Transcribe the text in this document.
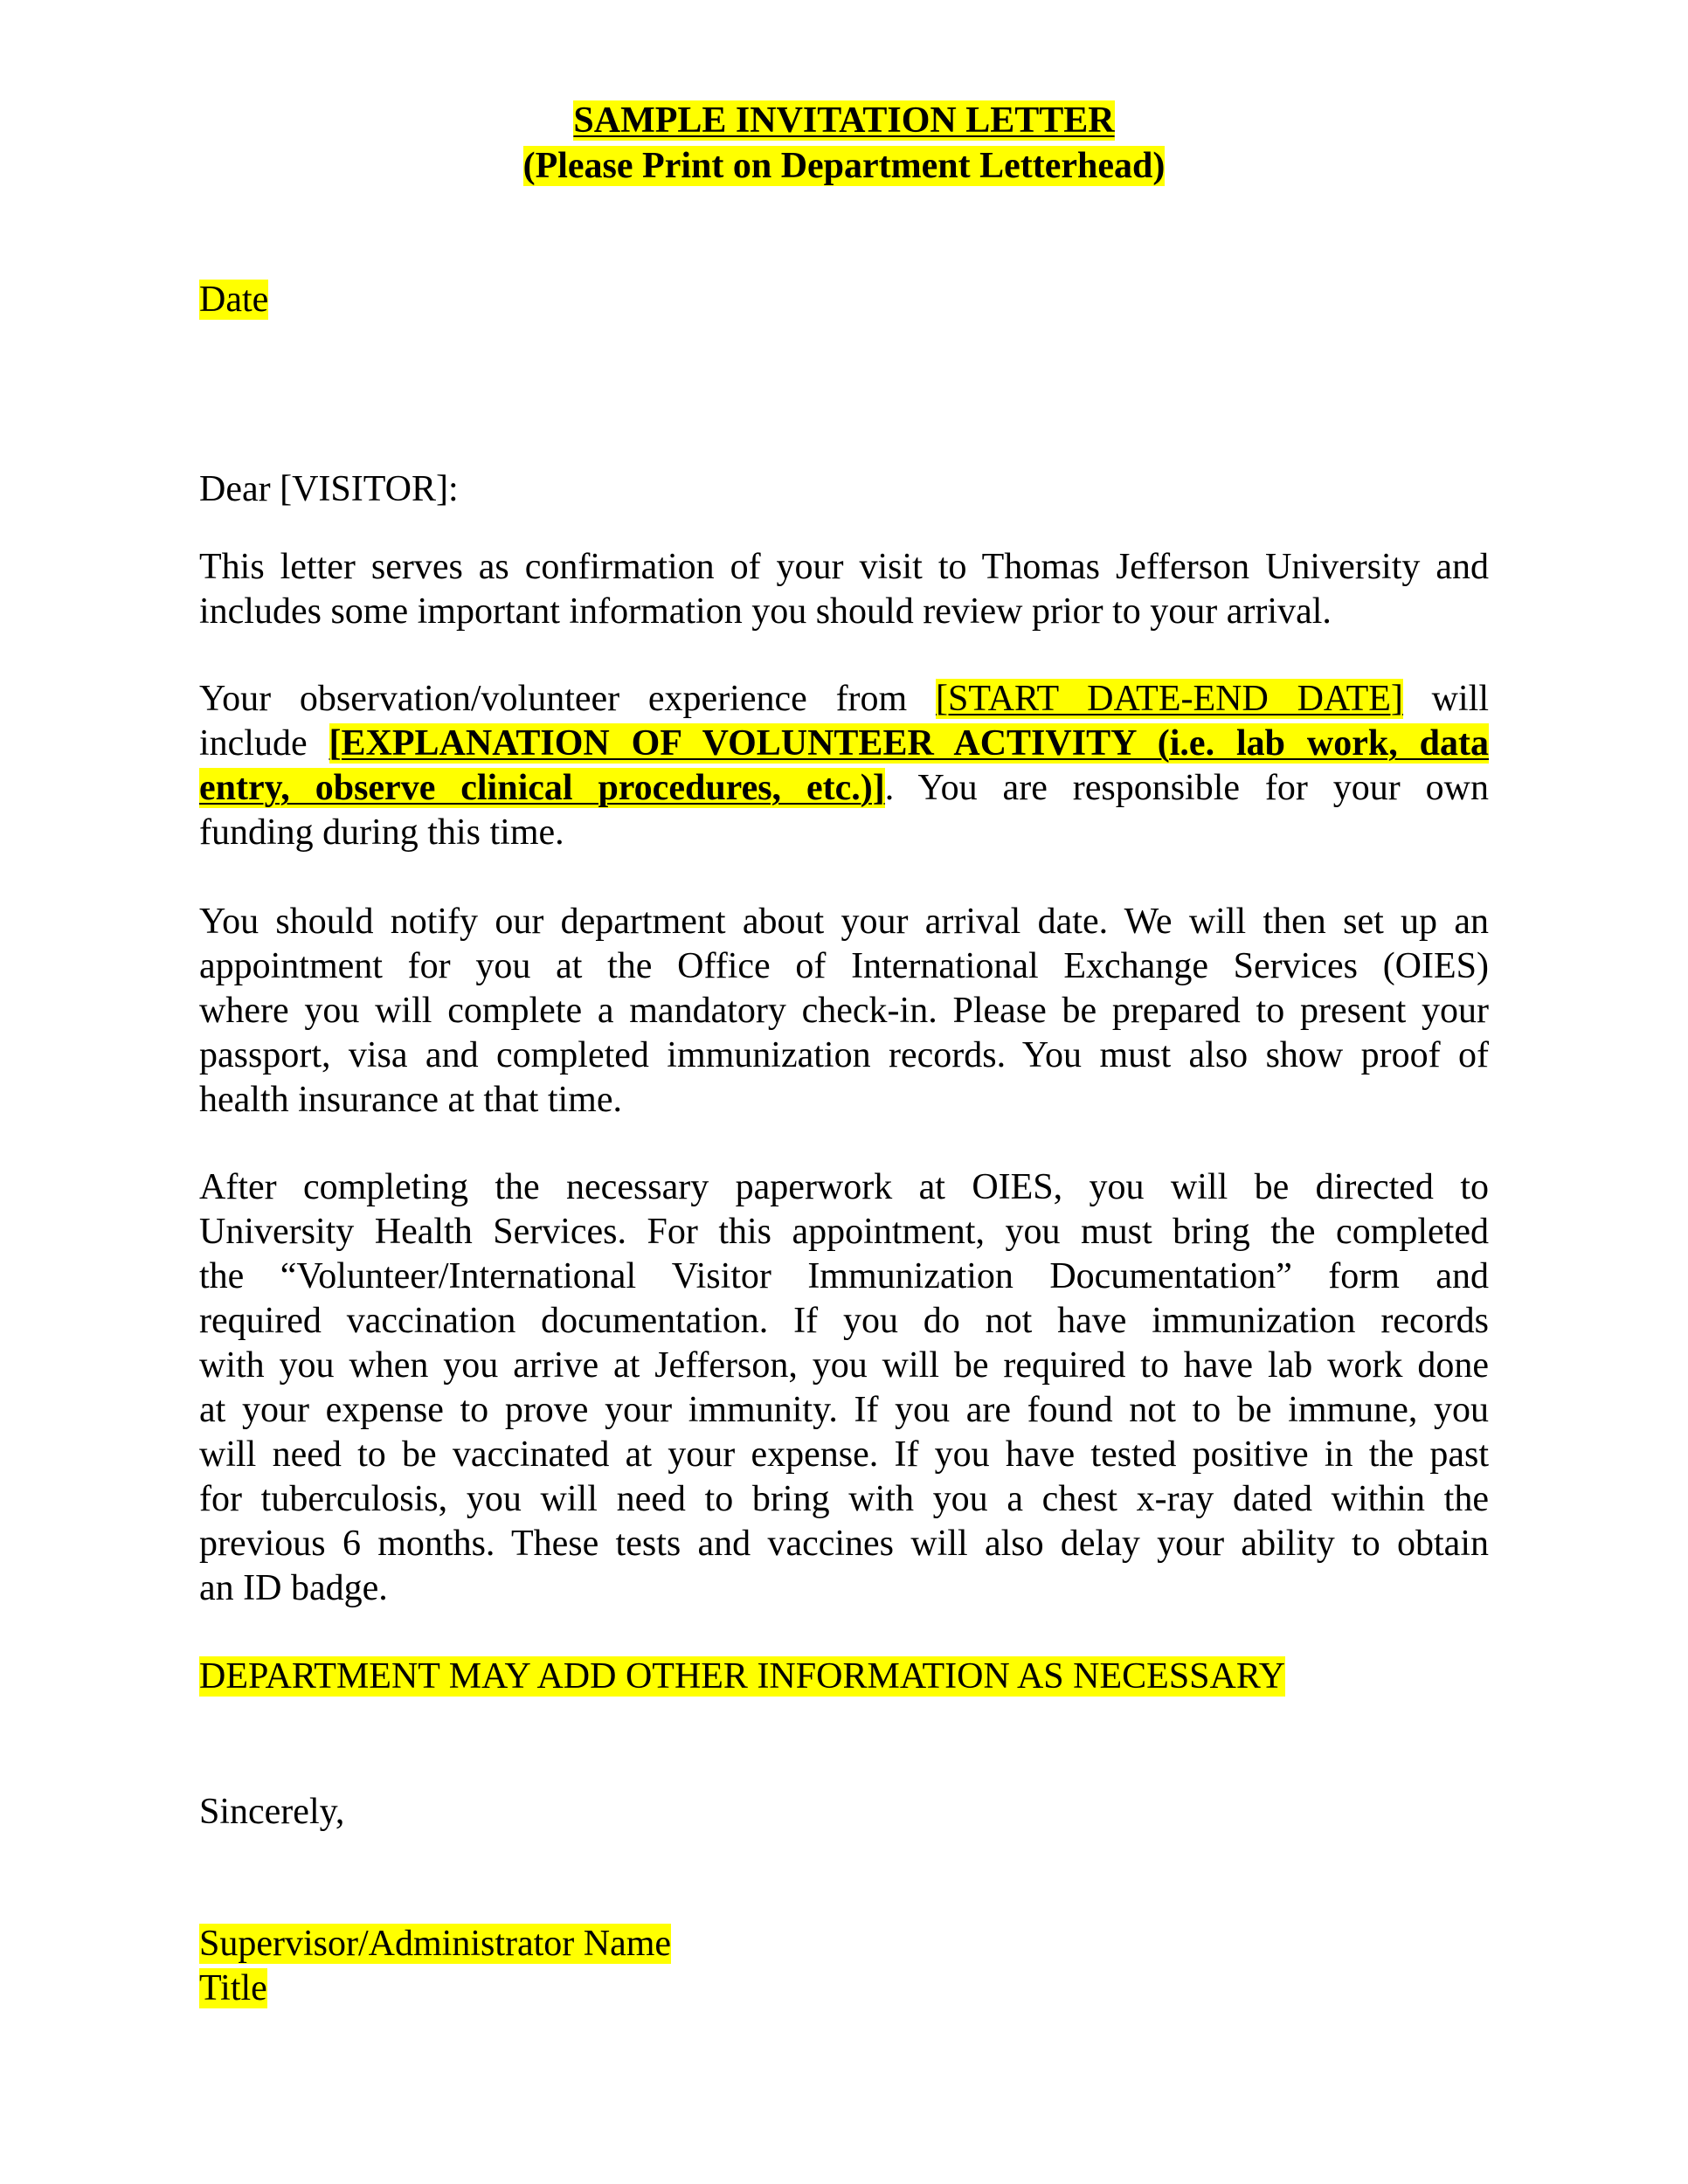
SAMPLE INVITATION LETTER
(Please Print on Department Letterhead)
Date
Dear [VISITOR]:
This letter serves as confirmation of your visit to Thomas Jefferson University and
includes some important information you should review prior to your arrival.
Your observation/volunteer experience from [START DATE-END DATE] will
include [EXPLANATION OF VOLUNTEER ACTIVITY (i.e. lab work, data
entry, observe clinical procedures, etc.)]. You are responsible for your own
funding during this time.
You should notify our department about your arrival date. We will then set up an
appointment for you at the Office of International Exchange Services (OIES)
where you will complete a mandatory check-in. Please be prepared to present your
passport, visa and completed immunization records. You must also show proof of
health insurance at that time.
After completing the necessary paperwork at OIES, you will be directed to
University Health Services. For this appointment, you must bring the completed
the “Volunteer/International Visitor Immunization Documentation” form and
required vaccination documentation. If you do not have immunization records
with you when you arrive at Jefferson, you will be required to have lab work done
at your expense to prove your immunity. If you are found not to be immune, you
will need to be vaccinated at your expense. If you have tested positive in the past
for tuberculosis, you will need to bring with you a chest x-ray dated within the
previous 6 months. These tests and vaccines will also delay your ability to obtain
an ID badge.
DEPARTMENT MAY ADD OTHER INFORMATION AS NECESSARY
Sincerely,
Supervisor/Administrator Name
Title
